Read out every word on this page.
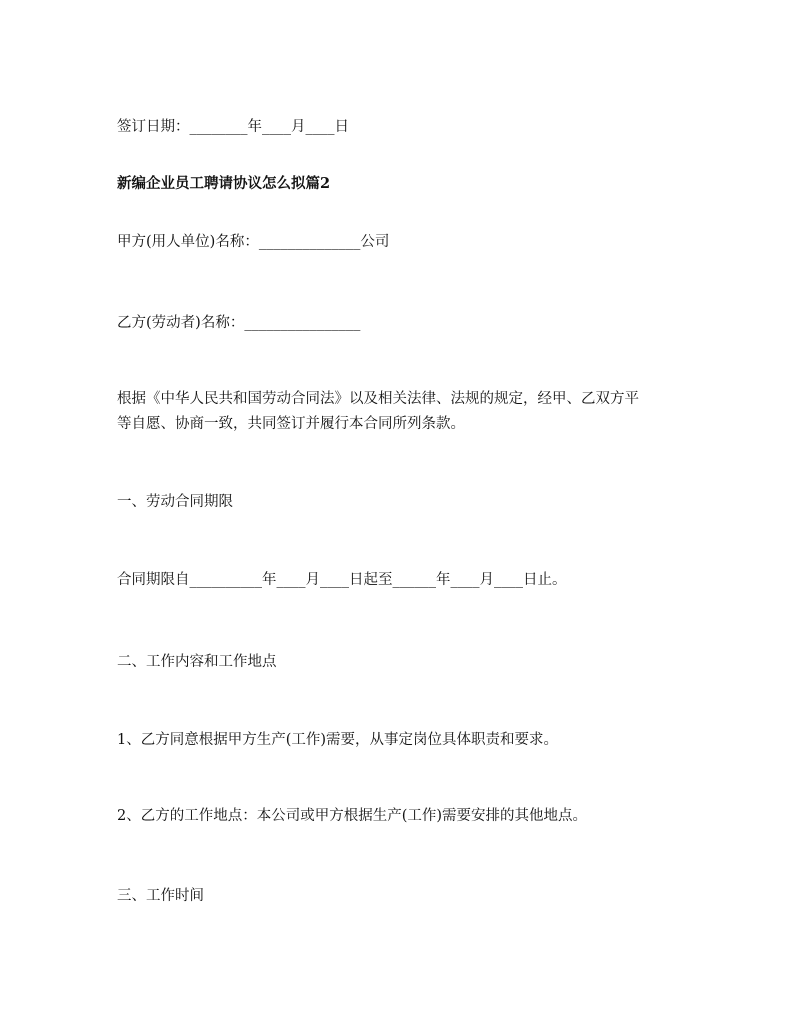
签订日期：________年____月____日
新编企业员工聘请协议怎么拟篇2
甲方(用人单位)名称：______________公司
乙方(劳动者)名称：________________
根据《中华人民共和国劳动合同法》以及相关法律、法规的规定，经甲、乙双方平
等自愿、协商一致，共同签订并履行本合同所列条款。
一、劳动合同期限
合同期限自__________年____月____日起至______年____月____日止。
二、工作内容和工作地点
1、乙方同意根据甲方生产(工作)需要，从事定岗位具体职责和要求。
2、乙方的工作地点：本公司或甲方根据生产(工作)需要安排的其他地点。
三、工作时间
